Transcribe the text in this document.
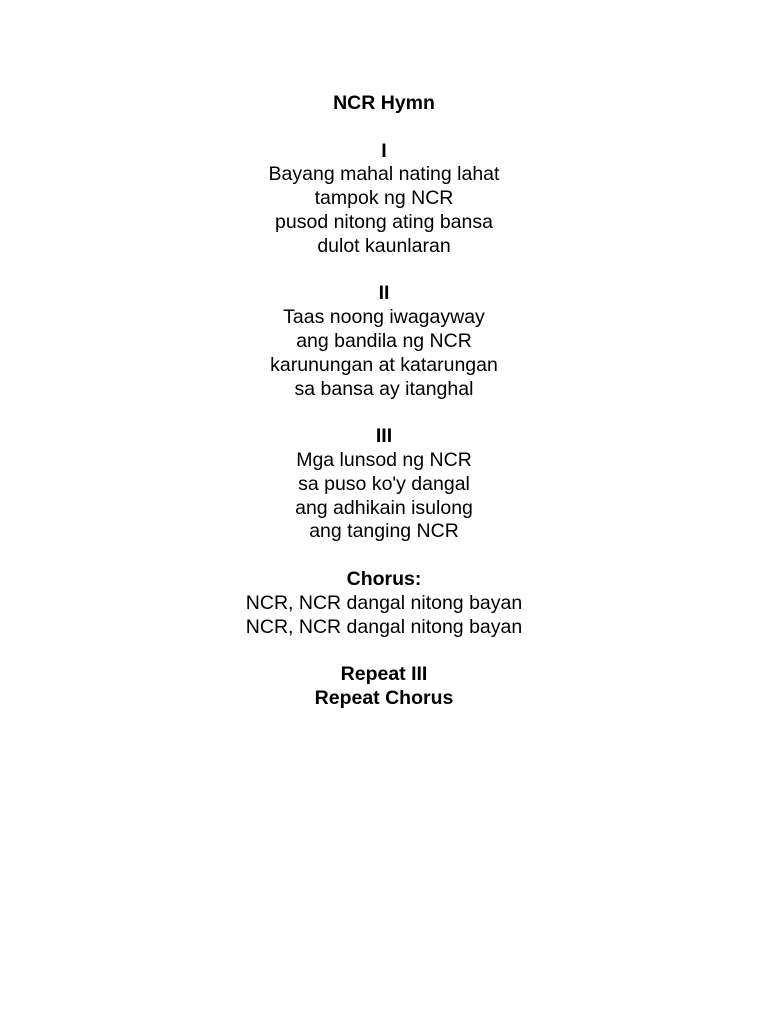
NCR Hymn
I
Bayang mahal nating lahat
tampok ng NCR
pusod nitong ating bansa
dulot kaunlaran
II
Taas noong iwagayway
ang bandila ng NCR
karunungan at katarungan
sa bansa ay itanghal
III
Mga lunsod ng NCR
sa puso ko'y dangal
ang adhikain isulong
ang tanging NCR
Chorus:
NCR, NCR dangal nitong bayan
NCR, NCR dangal nitong bayan
Repeat III
Repeat Chorus
